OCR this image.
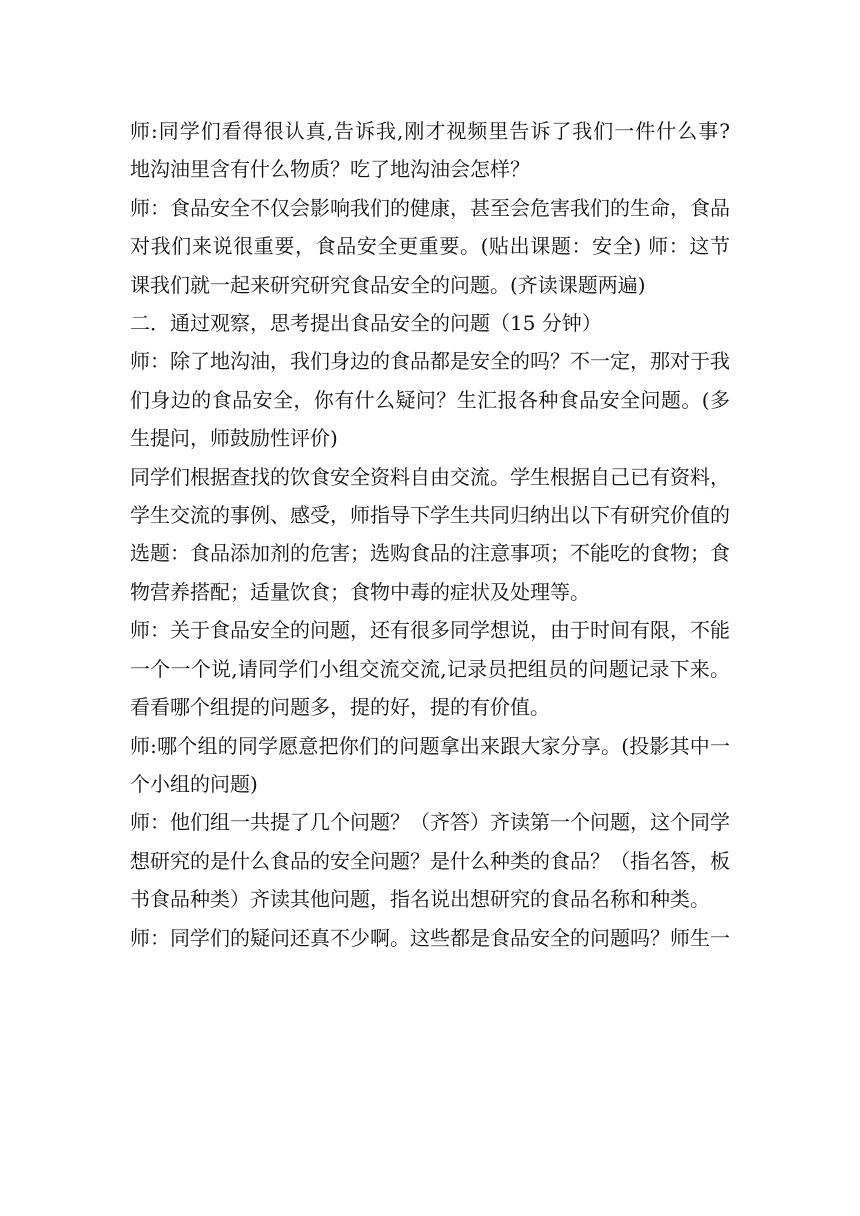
师:同学们看得很认真,告诉我,刚才视频里告诉了我们一件什么事?
地沟油里含有什么物质？吃了地沟油会怎样？
师：食品安全不仅会影响我们的健康，甚至会危害我们的生命，食品
对我们来说很重要，食品安全更重要。(贴出课题：安全) 师：这节
课我们就一起来研究研究食品安全的问题。(齐读课题两遍)
二．通过观察，思考提出食品安全的问题（15 分钟）
师：除了地沟油，我们身边的食品都是安全的吗？不一定，那对于我
们身边的食品安全，你有什么疑问？生汇报各种食品安全问题。(多
生提问，师鼓励性评价)
同学们根据查找的饮食安全资料自由交流。学生根据自己已有资料，
学生交流的事例、感受，师指导下学生共同归纳出以下有研究价值的
选题：食品添加剂的危害；选购食品的注意事项；不能吃的食物；食
物营养搭配；适量饮食；食物中毒的症状及处理等。
师：关于食品安全的问题，还有很多同学想说，由于时间有限，不能
一个一个说,请同学们小组交流交流,记录员把组员的问题记录下来。
看看哪个组提的问题多，提的好，提的有价值。
师:哪个组的同学愿意把你们的问题拿出来跟大家分享。(投影其中一
个小组的问题)
师：他们组一共提了几个问题？（齐答）齐读第一个问题，这个同学
想研究的是什么食品的安全问题？是什么种类的食品？（指名答，板
书食品种类）齐读其他问题，指名说出想研究的食品名称和种类。
师：同学们的疑问还真不少啊。这些都是食品安全的问题吗？师生一
